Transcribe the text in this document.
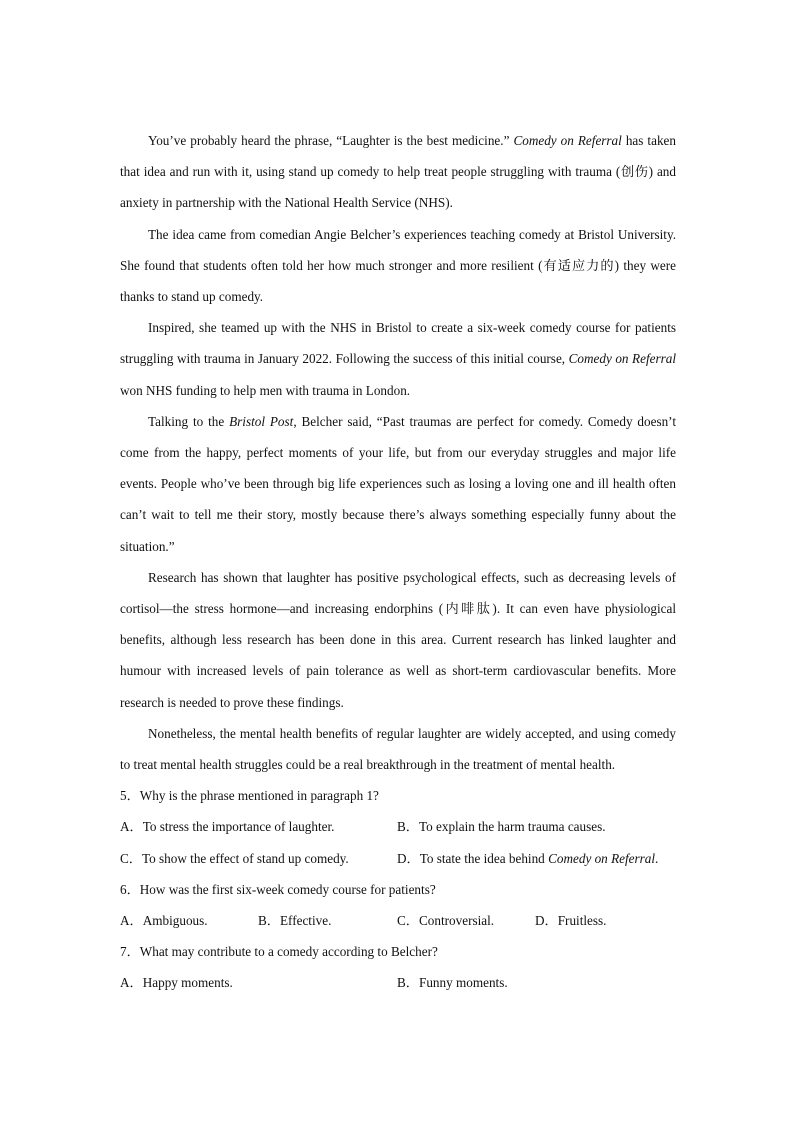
You’ve probably heard the phrase, “Laughter is the best medicine.” Comedy on Referral has taken that idea and run with it, using stand up comedy to help treat people struggling with trauma (创伤) and anxiety in partnership with the National Health Service (NHS).

The idea came from comedian Angie Belcher’s experiences teaching comedy at Bristol University. She found that students often told her how much stronger and more resilient (有适应力的) they were thanks to stand up comedy.

Inspired, she teamed up with the NHS in Bristol to create a six-week comedy course for patients struggling with trauma in January 2022. Following the success of this initial course, Comedy on Referral won NHS funding to help men with trauma in London.

Talking to the Bristol Post, Belcher said, “Past traumas are perfect for comedy. Comedy doesn’t come from the happy, perfect moments of your life, but from our everyday struggles and major life events. People who’ve been through big life experiences such as losing a loving one and ill health often can’t wait to tell me their story, mostly because there’s always something especially funny about the situation.”

Research has shown that laughter has positive psychological effects, such as decreasing levels of cortisol—the stress hormone—and increasing endorphins (内啡肽). It can even have physiological benefits, although less research has been done in this area. Current research has linked laughter and humour with increased levels of pain tolerance as well as short-term cardiovascular benefits. More research is needed to prove these findings.

Nonetheless, the mental health benefits of regular laughter are widely accepted, and using comedy to treat mental health struggles could be a real breakthrough in the treatment of mental health.

5．Why is the phrase mentioned in paragraph 1?

A．To stress the importance of laughter.	B．To explain the harm trauma causes.
C．To show the effect of stand up comedy.	D．To state the idea behind Comedy on Referral.

6．How was the first six-week comedy course for patients?

A．Ambiguous.	B．Effective.	C．Controversial.	D．Fruitless.

7．What may contribute to a comedy according to Belcher?

A．Happy moments.	B．Funny moments.
